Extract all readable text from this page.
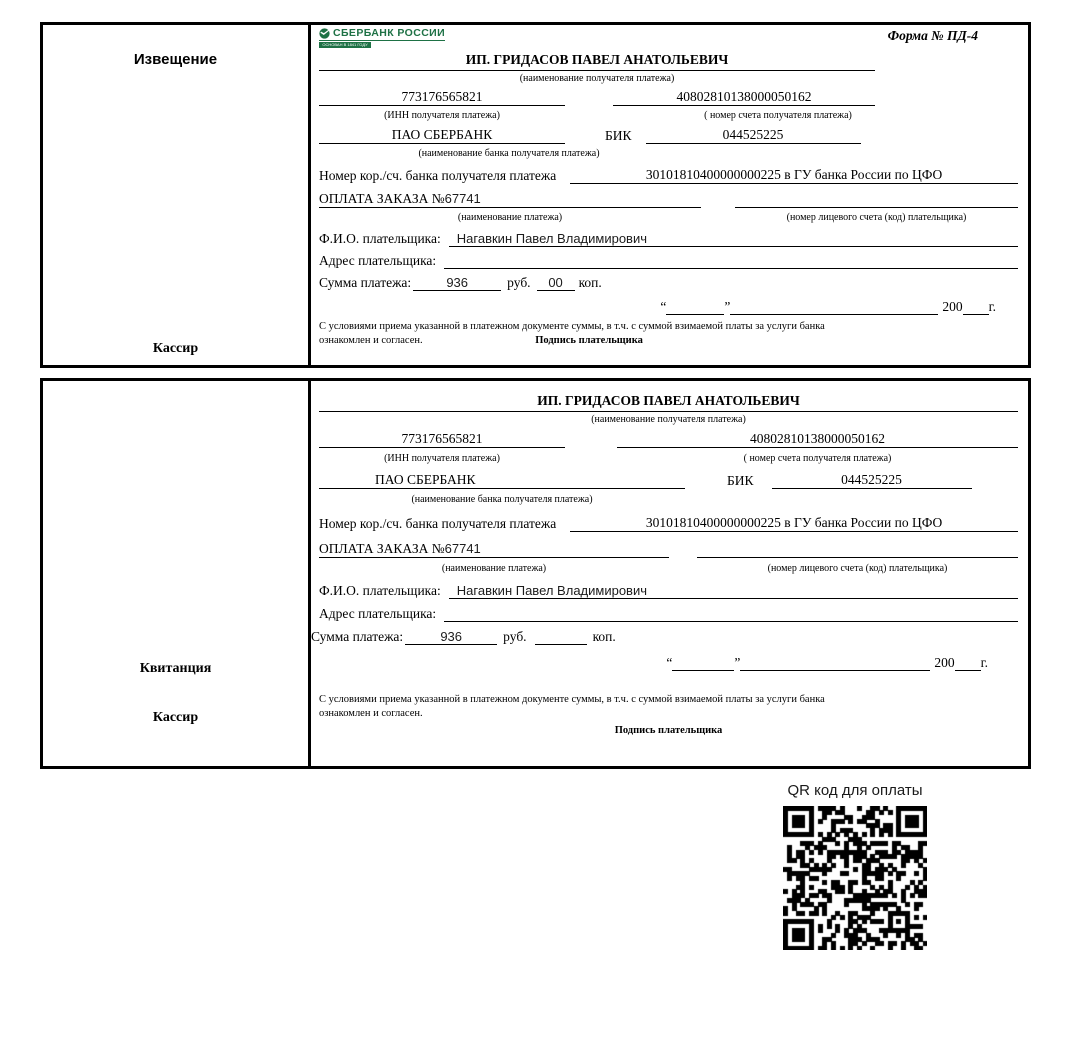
Извещение
Кассир
СБЕРБАНК РОССИИ
ОСНОВАН В 1841 ГОДУ
Форма № ПД-4
ИП. ГРИДАСОВ ПАВЕЛ АНАТОЛЬЕВИЧ
(наименование получателя платежа)
773176565821	40802810138000050162
(ИНН получателя платежа)	( номер счета получателя платежа)
ПАО СБЕРБАНК	БИК	044525225
(наименование банка получателя платежа)
Номер кор./сч. банка получателя платежа	30101810400000000225 в ГУ банка России по ЦФО
ОПЛАТА ЗАКАЗА №67741
(наименование платежа)	(номер лицевого счета (код) плательщика)
Ф.И.О. плательщика:	Нагавкин Павел Владимирович
Адрес плательщика:
Сумма платежа:	936	руб.	00	коп.
“	”	200 г.
С условиями приема указанной в платежном документе суммы, в т.ч. с суммой взимаемой платы за услуги банка
ознакомлен и согласен.	Подпись плательщика
Квитанция
Кассир
ИП. ГРИДАСОВ ПАВЕЛ АНАТОЛЬЕВИЧ
(наименование получателя платежа)
773176565821	40802810138000050162
(ИНН получателя платежа)	( номер счета получателя платежа)
ПАО СБЕРБАНК	БИК	044525225
(наименование банка получателя платежа)
Номер кор./сч. банка получателя платежа	30101810400000000225 в ГУ банка России по ЦФО
ОПЛАТА ЗАКАЗА №67741
(наименование платежа)	(номер лицевого счета (код) плательщика)
Ф.И.О. плательщика:	Нагавкин Павел Владимирович
Адрес плательщика:
Сумма платежа:	936	руб.	коп.
“	”	200 г.
С условиями приема указанной в платежном документе суммы, в т.ч. с суммой взимаемой платы за услуги банка
ознакомлен и согласен.
Подпись плательщика
QR код для оплаты
